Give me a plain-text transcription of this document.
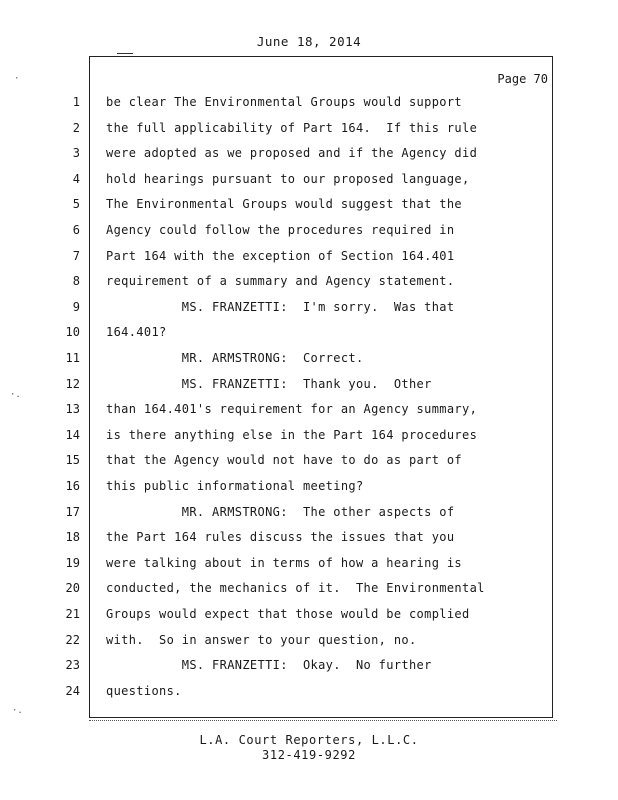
June 18, 2014
Page 70
1 be clear The Environmental Groups would support
2 the full applicability of Part 164.  If this rule
3 were adopted as we proposed and if the Agency did
4 hold hearings pursuant to our proposed language,
5 The Environmental Groups would suggest that the
6 Agency could follow the procedures required in
7 Part 164 with the exception of Section 164.401
8 requirement of a summary and Agency statement.
9 MS. FRANZETTI:  I'm sorry.  Was that
10 164.401?
11 MR. ARMSTRONG:  Correct.
12 MS. FRANZETTI:  Thank you.  Other
13 than 164.401's requirement for an Agency summary,
14 is there anything else in the Part 164 procedures
15 that the Agency would not have to do as part of
16 this public informational meeting?
17 MR. ARMSTRONG:  The other aspects of
18 the Part 164 rules discuss the issues that you
19 were talking about in terms of how a hearing is
20 conducted, the mechanics of it.  The Environmental
21 Groups would expect that those would be complied
22 with.  So in answer to your question, no.
23 MS. FRANZETTI:  Okay.  No further
24 questions.
L.A. Court Reporters, L.L.C.
312-419-9292
·
·.
·.
